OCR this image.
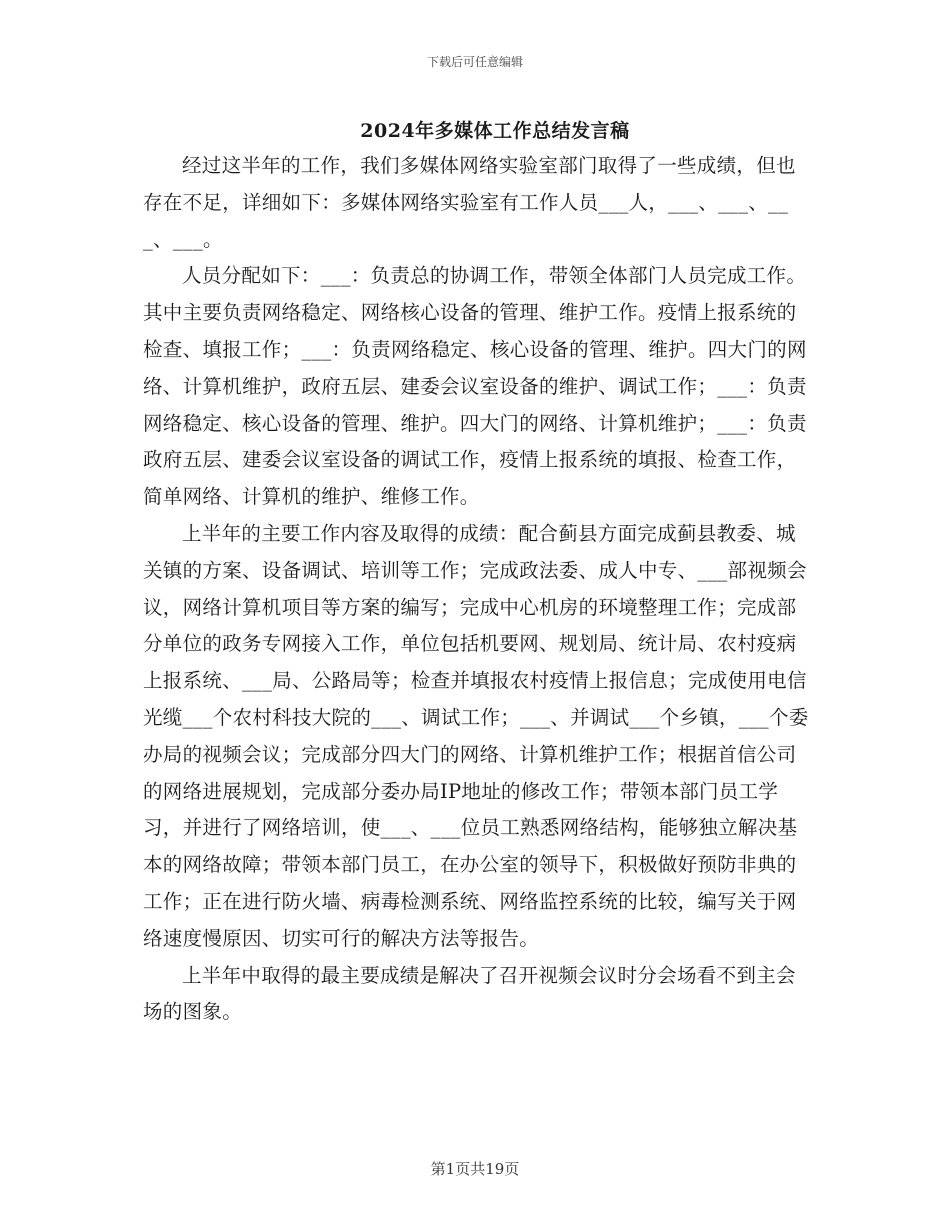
下载后可任意编辑
2024年多媒体工作总结发言稿

经过这半年的工作，我们多媒体网络实验室部门取得了一些成绩，但也存在不足，详细如下：多媒体网络实验室有工作人员___人，___、___、___、___。

人员分配如下：___：负责总的协调工作，带领全体部门人员完成工作。其中主要负责网络稳定、网络核心设备的管理、维护工作。疫情上报系统的检查、填报工作；___：负责网络稳定、核心设备的管理、维护。四大门的网络、计算机维护，政府五层、建委会议室设备的维护、调试工作；___：负责网络稳定、核心设备的管理、维护。四大门的网络、计算机维护；___：负责政府五层、建委会议室设备的调试工作，疫情上报系统的填报、检查工作，简单网络、计算机的维护、维修工作。

上半年的主要工作内容及取得的成绩：配合蓟县方面完成蓟县教委、城关镇的方案、设备调试、培训等工作；完成政法委、成人中专、___部视频会议，网络计算机项目等方案的编写；完成中心机房的环境整理工作；完成部分单位的政务专网接入工作，单位包括机要网、规划局、统计局、农村疫病上报系统、___局、公路局等；检查并填报农村疫情上报信息；完成使用电信光缆___个农村科技大院的___、调试工作；___、并调试___个乡镇，___个委办局的视频会议；完成部分四大门的网络、计算机维护工作；根据首信公司的网络进展规划，完成部分委办局IP地址的修改工作；带领本部门员工学习，并进行了网络培训，使___、___位员工熟悉网络结构，能够独立解决基本的网络故障；带领本部门员工，在办公室的领导下，积极做好预防非典的工作；正在进行防火墙、病毒检测系统、网络监控系统的比较，编写关于网络速度慢原因、切实可行的解决方法等报告。

上半年中取得的最主要成绩是解决了召开视频会议时分会场看不到主会场的图象。

第1页共19页
